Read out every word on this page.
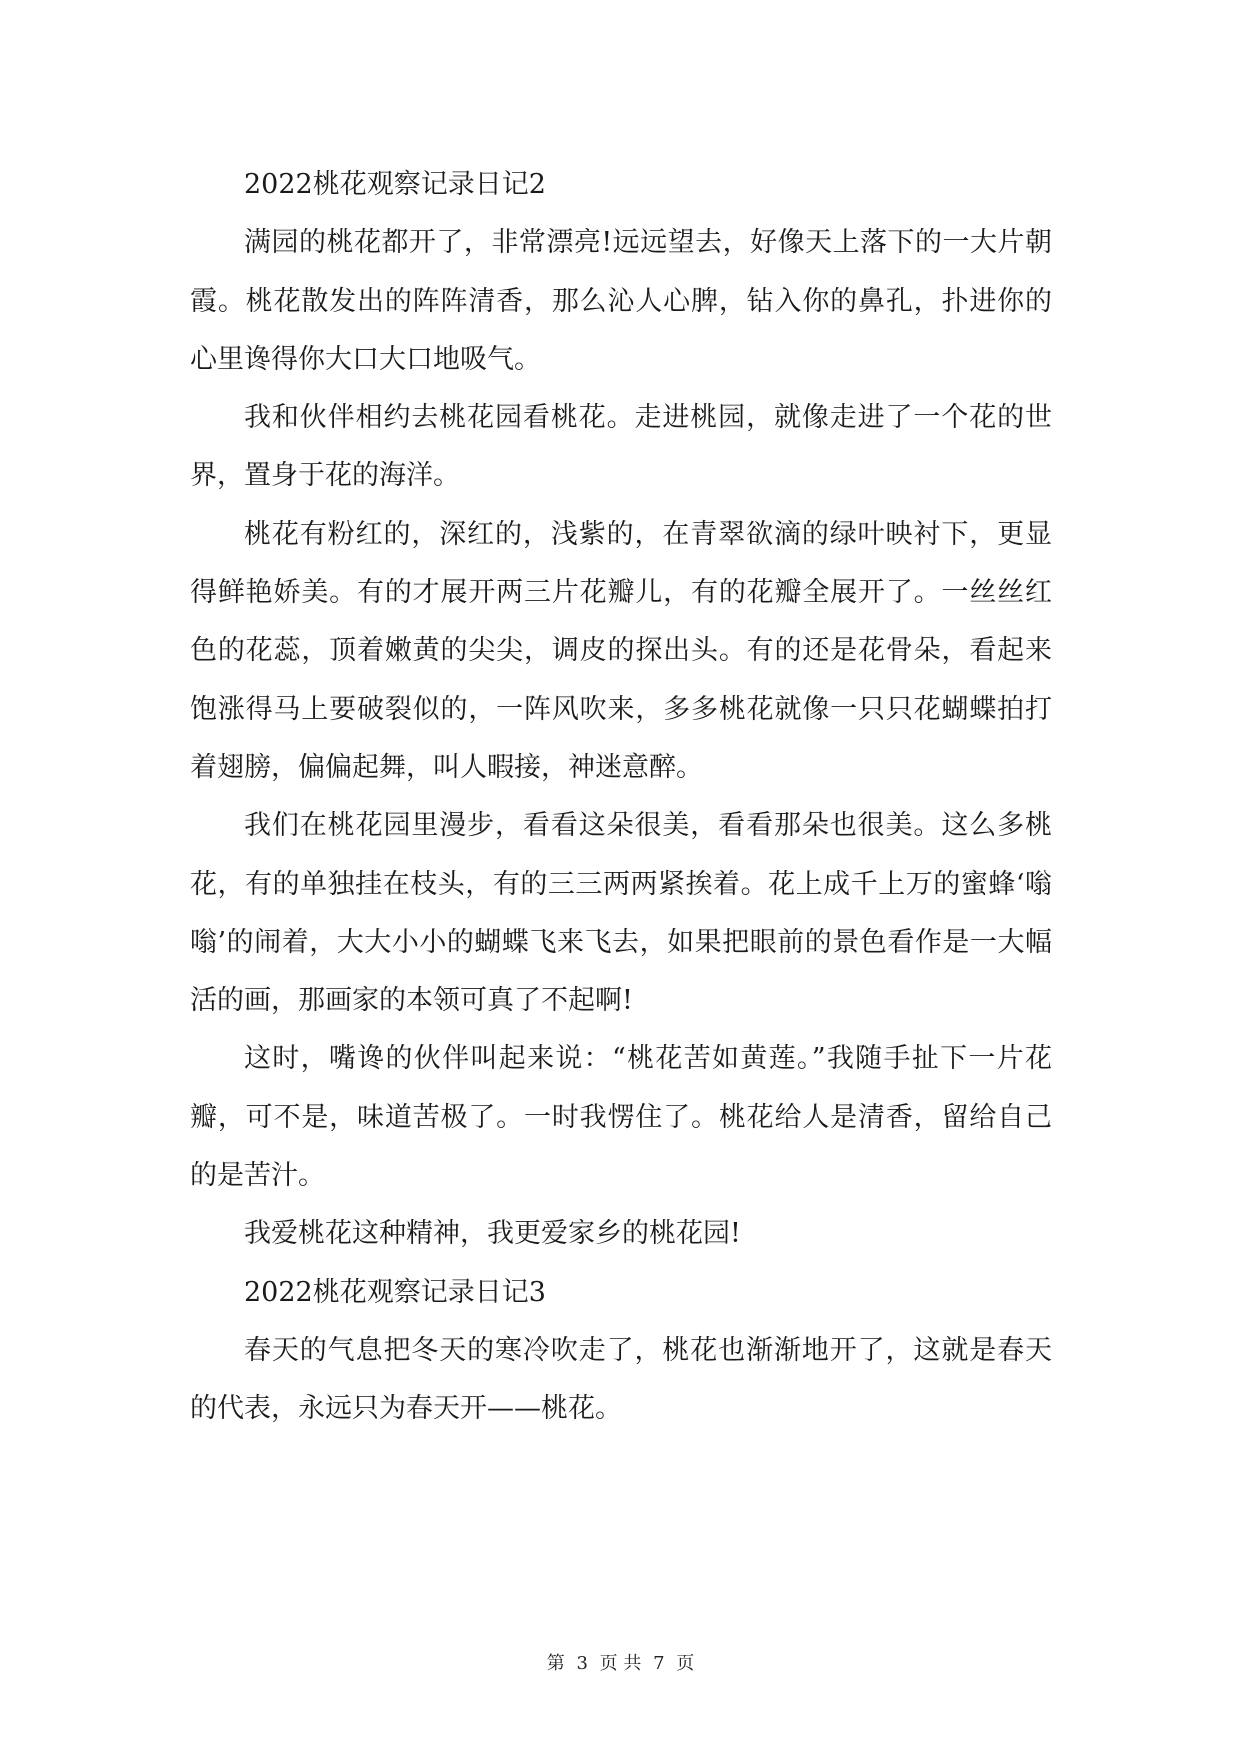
2022桃花观察记录日记2

满园的桃花都开了，非常漂亮!远远望去，好像天上落下的一大片朝霞。桃花散发出的阵阵清香，那么沁人心脾，钻入你的鼻孔，扑进你的心里谗得你大口大口地吸气。

我和伙伴相约去桃花园看桃花。走进桃园，就像走进了一个花的世界，置身于花的海洋。

桃花有粉红的，深红的，浅紫的，在青翠欲滴的绿叶映衬下，更显得鲜艳娇美。有的才展开两三片花瓣儿，有的花瓣全展开了。一丝丝红色的花蕊，顶着嫩黄的尖尖，调皮的探出头。有的还是花骨朵，看起来饱涨得马上要破裂似的，一阵风吹来，多多桃花就像一只只花蝴蝶拍打着翅膀，偏偏起舞，叫人暇接，神迷意醉。

我们在桃花园里漫步，看看这朵很美，看看那朵也很美。这么多桃花，有的单独挂在枝头，有的三三两两紧挨着。花上成千上万的蜜蜂‘嗡嗡’的闹着，大大小小的蝴蝶飞来飞去，如果把眼前的景色看作是一大幅活的画，那画家的本领可真了不起啊!

这时，嘴谗的伙伴叫起来说：“桃花苦如黄莲。”我随手扯下一片花瓣，可不是，味道苦极了。一时我愣住了。桃花给人是清香，留给自己的是苦汁。

我爱桃花这种精神，我更爱家乡的桃花园!

2022桃花观察记录日记3

春天的气息把冬天的寒冷吹走了，桃花也渐渐地开了，这就是春天的代表，永远只为春天开——桃花。

第 3 页 共 7 页
